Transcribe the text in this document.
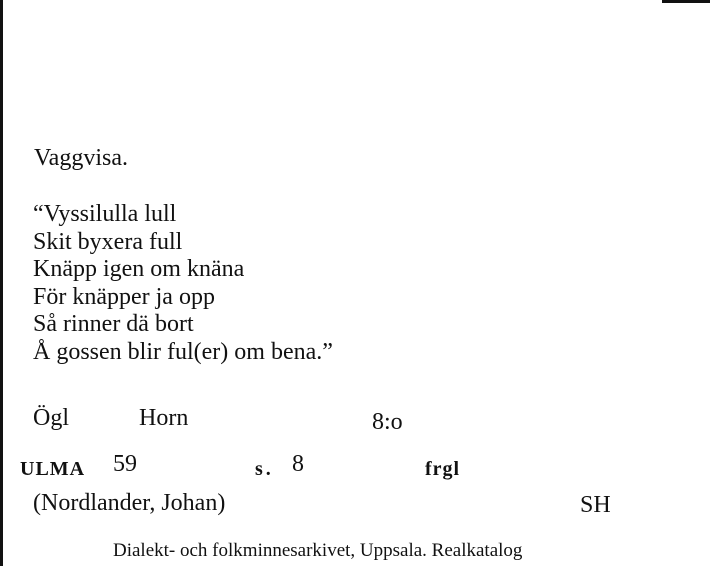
Vaggvisa.
“Vyssilulla lull
Skit byxera full
Knäpp igen om knäna
För knäpper ja opp
Så rinner dä bort
Å gossen blir ful(er) om bena.”
Ögl	Horn	8:o
ULMA 59	s. 8	frgl
(Nordlander, Johan)	SH
Dialekt- och folkminnesarkivet, Uppsala. Realkatalog
